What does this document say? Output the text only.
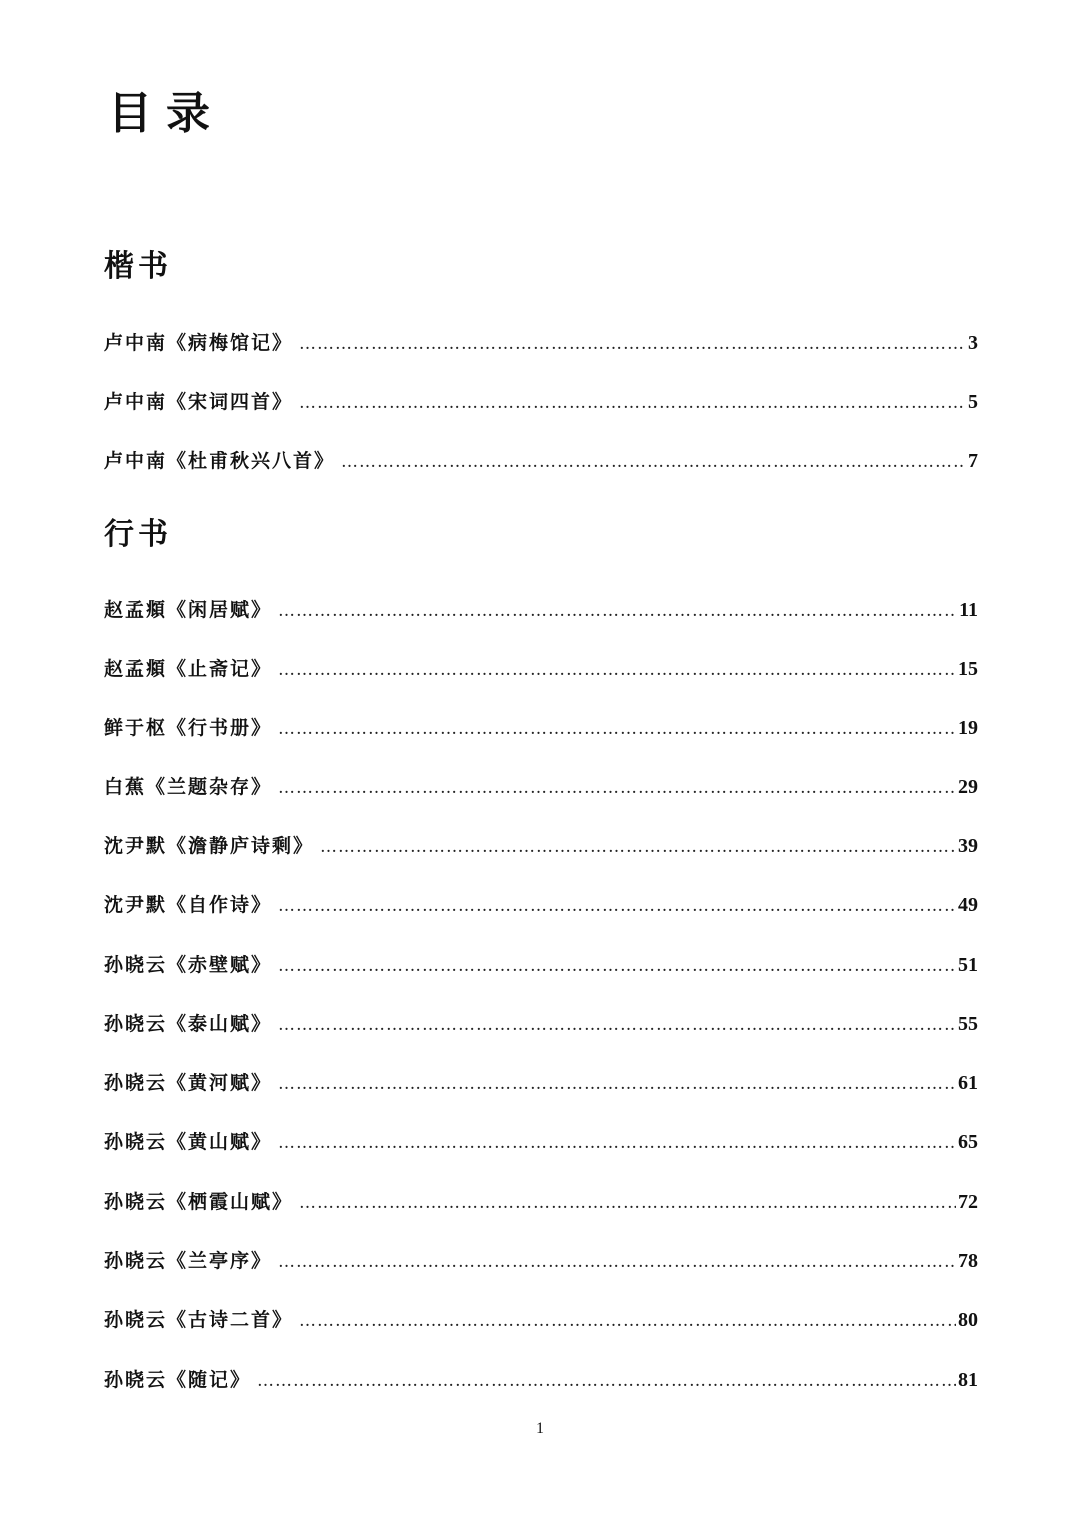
目录
楷书
卢中南《病梅馆记》 ……………………………………………………………………………………………………………………………………………………………………………………………………………………………………	3
卢中南《宋词四首》 ……………………………………………………………………………………………………………………………………………………………………………………………………………………………………	5
卢中南《杜甫秋兴八首》 ……………………………………………………………………………………………………………………………………………………………………………………………………………………………………	7
行书
赵孟頫《闲居赋》 ……………………………………………………………………………………………………………………………………………………………………………………………………………………………………	11
赵孟頫《止斋记》 ……………………………………………………………………………………………………………………………………………………………………………………………………………………………………	15
鲜于枢《行书册》 ……………………………………………………………………………………………………………………………………………………………………………………………………………………………………	19
白蕉《兰题杂存》 ……………………………………………………………………………………………………………………………………………………………………………………………………………………………………	29
沈尹默《澹静庐诗剩》 ……………………………………………………………………………………………………………………………………………………………………………………………………………………………………	39
沈尹默《自作诗》 ……………………………………………………………………………………………………………………………………………………………………………………………………………………………………	49
孙晓云《赤壁赋》 ……………………………………………………………………………………………………………………………………………………………………………………………………………………………………	51
孙晓云《泰山赋》 ……………………………………………………………………………………………………………………………………………………………………………………………………………………………………	55
孙晓云《黄河赋》 ……………………………………………………………………………………………………………………………………………………………………………………………………………………………………	61
孙晓云《黄山赋》 ……………………………………………………………………………………………………………………………………………………………………………………………………………………………………	65
孙晓云《栖霞山赋》 ……………………………………………………………………………………………………………………………………………………………………………………………………………………………………	72
孙晓云《兰亭序》 ……………………………………………………………………………………………………………………………………………………………………………………………………………………………………	78
孙晓云《古诗二首》 ……………………………………………………………………………………………………………………………………………………………………………………………………………………………………	80
孙晓云《随记》 ……………………………………………………………………………………………………………………………………………………………………………………………………………………………………	81
1
